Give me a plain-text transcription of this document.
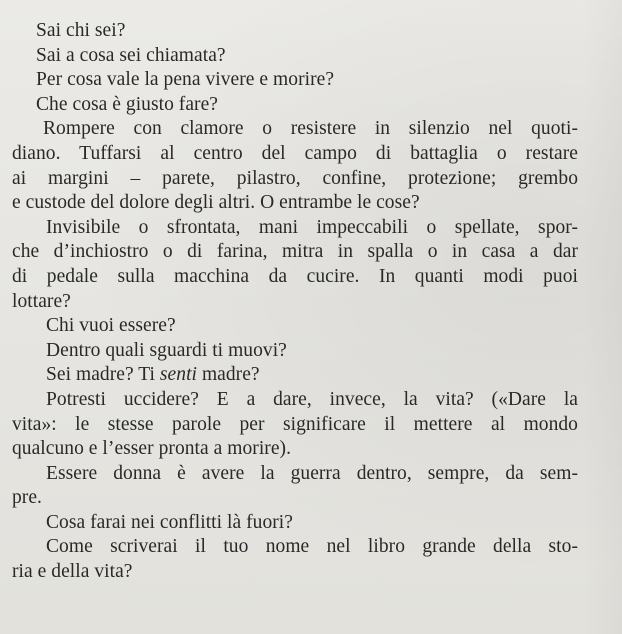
Sai chi sei?
Sai a cosa sei chiamata?
Per cosa vale la pena vivere e morire?
Che cosa è giusto fare?
Rompere con clamore o resistere in silenzio nel quoti-
diano. Tuffarsi al centro del campo di battaglia o restare
ai margini – parete, pilastro, confine, protezione; grembo
e custode del dolore degli altri. O entrambe le cose?
Invisibile o sfrontata, mani impeccabili o spellate, spor-
che d’inchiostro o di farina, mitra in spalla o in casa a dar
di pedale sulla macchina da cucire. In quanti modi puoi
lottare?
Chi vuoi essere?
Dentro quali sguardi ti muovi?
Sei madre? Ti senti madre?
Potresti uccidere? E a dare, invece, la vita? («Dare la
vita»: le stesse parole per significare il mettere al mondo
qualcuno e l’esser pronta a morire).
Essere donna è avere la guerra dentro, sempre, da sem-
pre.
Cosa farai nei conflitti là fuori?
Come scriverai il tuo nome nel libro grande della sto-
ria e della vita?
